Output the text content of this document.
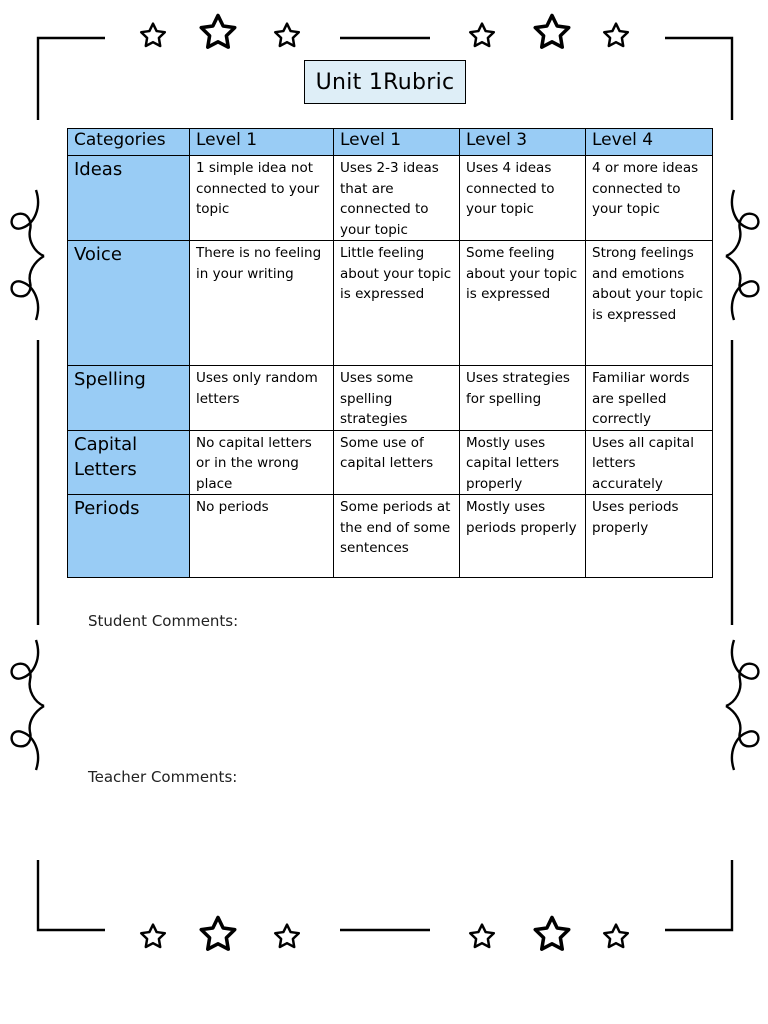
Unit 1Rubric
Categories	Level 1	Level 1	Level 3	Level 4
Ideas	1 simple idea not connected to your topic	Uses 2-3 ideas that are connected to your topic	Uses 4 ideas connected to your topic	4 or more ideas connected to your topic
Voice	There is no feeling in your writing	Little feeling about your topic is expressed	Some feeling about your topic is expressed	Strong feelings and emotions about your topic is expressed
Spelling	Uses only random letters	Uses some spelling strategies	Uses strategies for spelling	Familiar words are spelled correctly
Capital Letters	No capital letters or in the wrong place	Some use of capital letters	Mostly uses capital letters properly	Uses all capital letters accurately
Periods	No periods	Some periods at the end of some sentences	Mostly uses periods properly	Uses periods properly
Student Comments:
Teacher Comments:
